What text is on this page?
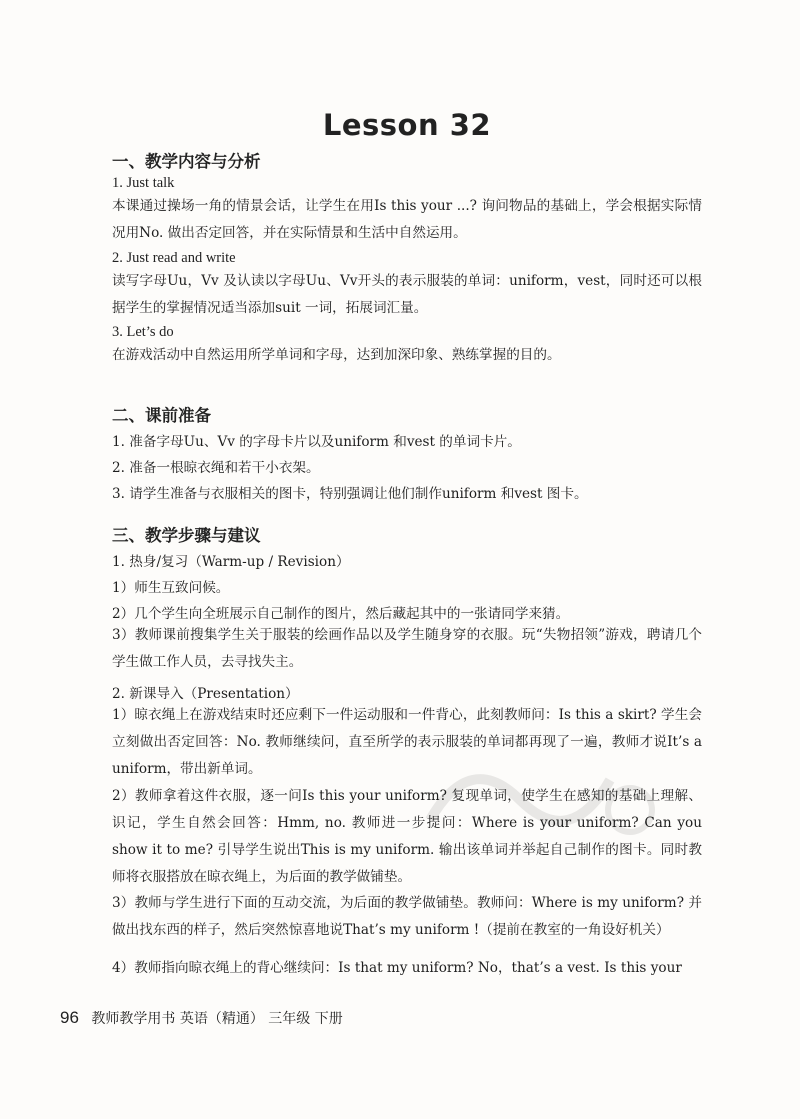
Lesson 32
一、教学内容与分析
1. Just talk
本课通过操场一角的情景会话，让学生在用Is this your ...? 询问物品的基础上，学会根据实际情况用No. 做出否定回答，并在实际情景和生活中自然运用。
2. Just read and write
读写字母Uu，Vv 及认读以字母Uu、Vv开头的表示服装的单词：uniform，vest，同时还可以根据学生的掌握情况适当添加suit 一词，拓展词汇量。
3. Let’s do
在游戏活动中自然运用所学单词和字母，达到加深印象、熟练掌握的目的。
二、课前准备
1. 准备字母Uu、Vv 的字母卡片以及uniform 和vest 的单词卡片。
2. 准备一根晾衣绳和若干小衣架。
3. 请学生准备与衣服相关的图卡，特别强调让他们制作uniform 和vest 图卡。
三、教学步骤与建议
1. 热身/复习（Warm-up / Revision）
1）师生互致问候。
2）几个学生向全班展示自己制作的图片，然后藏起其中的一张请同学来猜。
3）教师课前搜集学生关于服装的绘画作品以及学生随身穿的衣服。玩“失物招领”游戏，聘请几个学生做工作人员，去寻找失主。
2. 新课导入（Presentation）
1）晾衣绳上在游戏结束时还应剩下一件运动服和一件背心，此刻教师问：Is this a skirt? 学生会立刻做出否定回答：No. 教师继续问，直至所学的表示服装的单词都再现了一遍，教师才说It’s a uniform，带出新单词。
2）教师拿着这件衣服，逐一问Is this your uniform? 复现单词，使学生在感知的基础上理解、识记，学生自然会回答：Hmm, no. 教师进一步提问：Where is your uniform? Can you show it to me? 引导学生说出This is my uniform. 输出该单词并举起自己制作的图卡。同时教师将衣服搭放在晾衣绳上，为后面的教学做铺垫。
3）教师与学生进行下面的互动交流，为后面的教学做铺垫。教师问：Where is my uniform? 并做出找东西的样子，然后突然惊喜地说That’s my uniform !（提前在教室的一角设好机关）
4）教师指向晾衣绳上的背心继续问：Is that my uniform? No，that’s a vest. Is this your
96 教师教学用书 英语（精通） 三年级 下册
